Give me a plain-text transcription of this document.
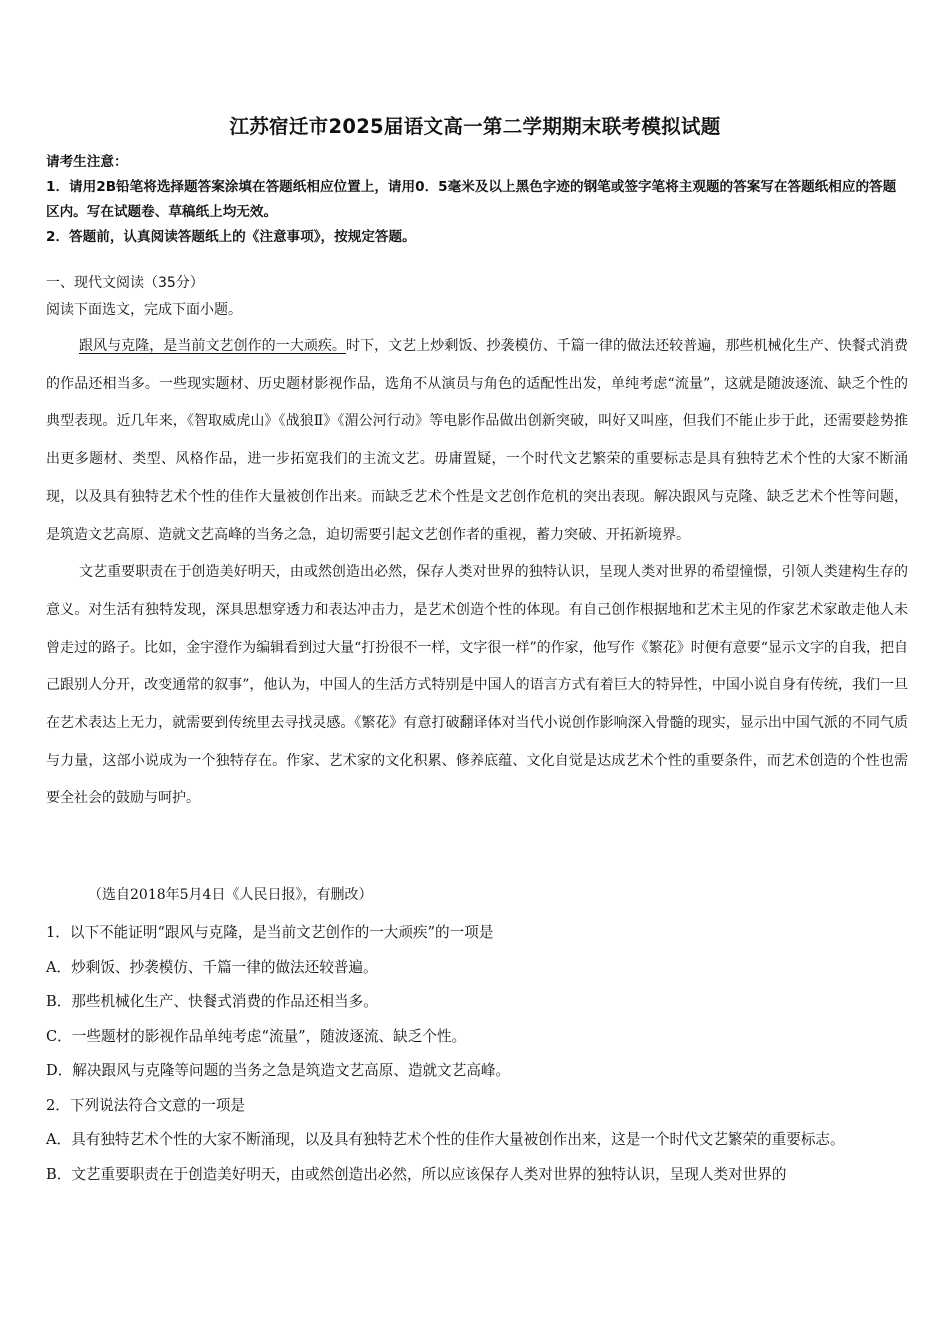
江苏宿迁市2025届语文高一第二学期期末联考模拟试题

请考生注意：

1．请用2B铅笔将选择题答案涂填在答题纸相应位置上，请用0．5毫米及以上黑色字迹的钢笔或签字笔将主观题的答案写在答题纸相应的答题区内。写在试题卷、草稿纸上均无效。

2．答题前，认真阅读答题纸上的《注意事项》，按规定答题。

一、现代文阅读（35分）
阅读下面选文，完成下面小题。

跟风与克隆，是当前文艺创作的一大顽疾。时下，文艺上炒剩饭、抄袭模仿、千篇一律的做法还较普遍，那些机械化生产、快餐式消费的作品还相当多。一些现实题材、历史题材影视作品，选角不从演员与角色的适配性出发，单纯考虑“流量”，这就是随波逐流、缺乏个性的典型表现。近几年来，《智取威虎山》《战狼Ⅱ》《湄公河行动》等电影作品做出创新突破，叫好又叫座，但我们不能止步于此，还需要趁势推出更多题材、类型、风格作品，进一步拓宽我们的主流文艺。毋庸置疑，一个时代文艺繁荣的重要标志是具有独特艺术个性的大家不断涌现，以及具有独特艺术个性的佳作大量被创作出来。而缺乏艺术个性是文艺创作危机的突出表现。解决跟风与克隆、缺乏艺术个性等问题，是筑造文艺高原、造就文艺高峰的当务之急，迫切需要引起文艺创作者的重视，蓄力突破、开拓新境界。

文艺重要职责在于创造美好明天，由或然创造出必然，保存人类对世界的独特认识，呈现人类对世界的希望憧憬，引领人类建构生存的意义。对生活有独特发现，深具思想穿透力和表达冲击力，是艺术创造个性的体现。有自己创作根据地和艺术主见的作家艺术家敢走他人未曾走过的路子。比如，金宇澄作为编辑看到过大量“打扮很不一样，文字很一样”的作家，他写作《繁花》时便有意要“显示文字的自我，把自己跟别人分开，改变通常的叙事”，他认为，中国人的生活方式特别是中国人的语言方式有着巨大的特异性，中国小说自身有传统，我们一旦在艺术表达上无力，就需要到传统里去寻找灵感。《繁花》有意打破翻译体对当代小说创作影响深入骨髓的现实，显示出中国气派的不同气质与力量，这部小说成为一个独特存在。作家、艺术家的文化积累、修养底蕴、文化自觉是达成艺术个性的重要条件，而艺术创造的个性也需要全社会的鼓励与呵护。

（选自2018年5月4日《人民日报》，有删改）

1．以下不能证明“跟风与克隆，是当前文艺创作的一大顽疾”的一项是

A．炒剩饭、抄袭模仿、千篇一律的做法还较普遍。

B．那些机械化生产、快餐式消费的作品还相当多。

C．一些题材的影视作品单纯考虑“流量”，随波逐流、缺乏个性。

D．解决跟风与克隆等问题的当务之急是筑造文艺高原、造就文艺高峰。

2．下列说法符合文意的一项是

A．具有独特艺术个性的大家不断涌现，以及具有独特艺术个性的佳作大量被创作出来，这是一个时代文艺繁荣的重要标志。

B．文艺重要职责在于创造美好明天，由或然创造出必然，所以应该保存人类对世界的独特认识，呈现人类对世界的
